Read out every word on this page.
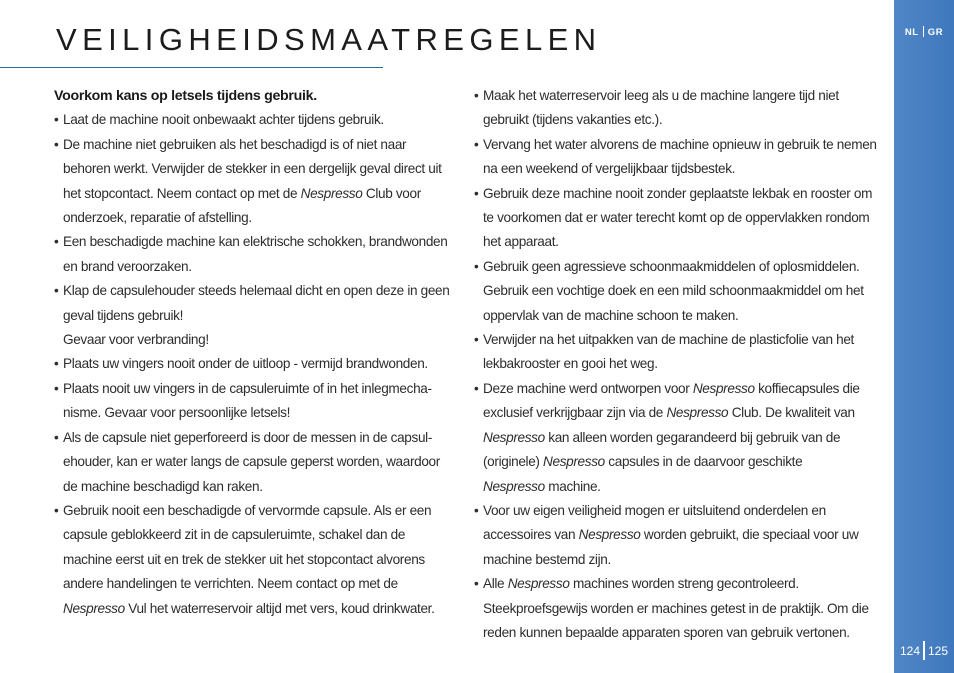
VEILIGHEIDSMAATREGELEN

Voorkom kans op letsels tijdens gebruik.

• Laat de machine nooit onbewaakt achter tijdens gebruik.
• De machine niet gebruiken als het beschadigd is of niet naar behoren werkt. Verwijder de stekker in een dergelijk geval direct uit het stopcontact. Neem contact op met de Nespresso Club voor onderzoek, reparatie of afstelling.
• Een beschadigde machine kan elektrische schokken, brandwonden en brand veroorzaken.
• Klap de capsulehouder steeds helemaal dicht en open deze in geen geval tijdens gebruik!
Gevaar voor verbranding!
• Plaats uw vingers nooit onder de uitloop - vermijd brandwonden.
• Plaats nooit uw vingers in de capsuleruimte of in het inlegmechanisme. Gevaar voor persoonlijke letsels!
• Als de capsule niet geperforeerd is door de messen in de capsulehouder, kan er water langs de capsule geperst worden, waardoor de machine beschadigd kan raken.
• Gebruik nooit een beschadigde of vervormde capsule. Als er een capsule geblokkeerd zit in de capsuleruimte, schakel dan de machine eerst uit en trek de stekker uit het stopcontact alvorens andere handelingen te verrichten. Neem contact op met de Nespresso Vul het waterreservoir altijd met vers, koud drinkwater.
• Maak het waterreservoir leeg als u de machine langere tijd niet gebruikt (tijdens vakanties etc.).
• Vervang het water alvorens de machine opnieuw in gebruik te nemen na een weekend of vergelijkbaar tijdsbestek.
• Gebruik deze machine nooit zonder geplaatste lekbak en rooster om te voorkomen dat er water terecht komt op de oppervlakken rondom het apparaat.
• Gebruik geen agressieve schoonmaakmiddelen of oplosmiddelen. Gebruik een vochtige doek en een mild schoonmaakmiddel om het oppervlak van de machine schoon te maken.
• Verwijder na het uitpakken van de machine de plasticfolie van het lekbakrooster en gooi het weg.
• Deze machine werd ontworpen voor Nespresso koffiecapsules die exclusief verkrijgbaar zijn via de Nespresso Club. De kwaliteit van Nespresso kan alleen worden gegarandeerd bij gebruik van de (originele) Nespresso capsules in de daarvoor geschikte
Nespresso machine.
• Voor uw eigen veiligheid mogen er uitsluitend onderdelen en accessoires van Nespresso worden gebruikt, die speciaal voor uw machine bestemd zijn.
• Alle Nespresso machines worden streng gecontroleerd. Steekproefsgewijs worden er machines getest in de praktijk. Om die reden kunnen bepaalde apparaten sporen van gebruik vertonen.
NL GR
124 125
